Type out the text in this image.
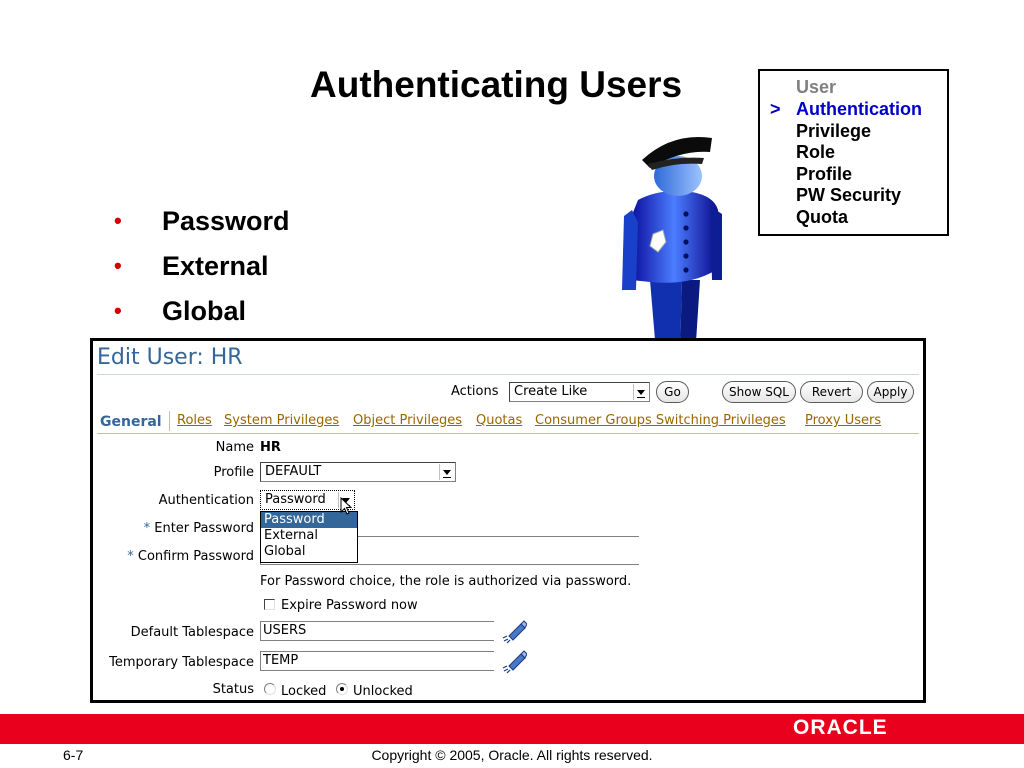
Authenticating Users	User
> Authentication
Privilege
Role
Profile
PW Security
Quota
• Password
• External
• Global
Edit User: HR
Actions	Create Like	Go	Show SQL	Revert	Apply
General Roles System Privileges Object Privileges Quotas Consumer Groups Switching Privileges Proxy Users
Name HR
Profile DEFAULT
Authentication Password
Password
External
Global
* Enter Password
* Confirm Password
For Password choice, the role is authorized via password.
Expire Password now
Default Tablespace USERS
Temporary Tablespace TEMP
Status Locked Unlocked
ORACLE
6-7	Copyright © 2005, Oracle. All rights reserved.
